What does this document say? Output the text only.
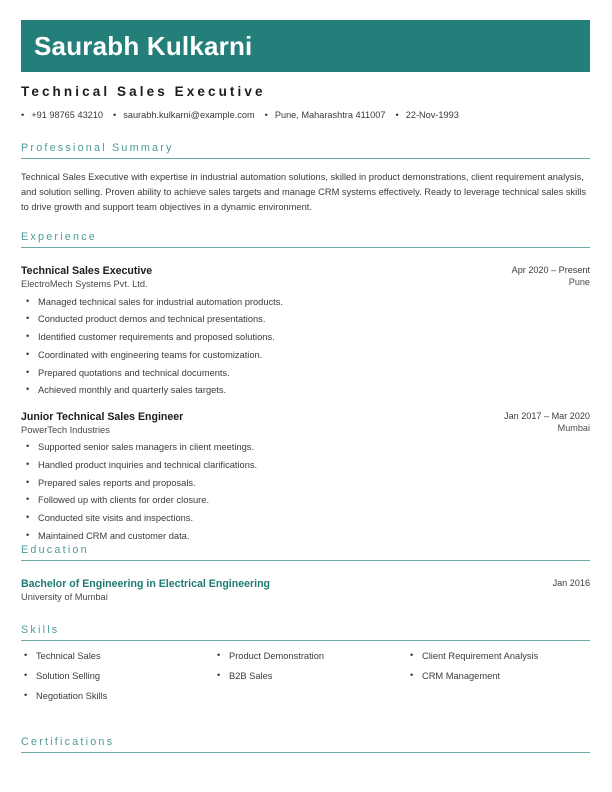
Saurabh Kulkarni
Technical Sales Executive
• +91 98765 43210	• saurabh.kulkarni@example.com	• Pune, Maharashtra 411007	• 22-Nov-1993
Professional Summary
Technical Sales Executive with expertise in industrial automation solutions, skilled in product demonstrations, client requirement analysis, and solution selling. Proven ability to achieve sales targets and manage CRM systems effectively. Ready to leverage technical sales skills to drive growth and support team objectives in a dynamic environment.
Experience
Technical Sales Executive
ElectroMech Systems Pvt. Ltd.
Apr 2020 – Present
Pune
• Managed technical sales for industrial automation products.
• Conducted product demos and technical presentations.
• Identified customer requirements and proposed solutions.
• Coordinated with engineering teams for customization.
• Prepared quotations and technical documents.
• Achieved monthly and quarterly sales targets.
Junior Technical Sales Engineer
PowerTech Industries
Jan 2017 – Mar 2020
Mumbai
• Supported senior sales managers in client meetings.
• Handled product inquiries and technical clarifications.
• Prepared sales reports and proposals.
• Followed up with clients for order closure.
• Conducted site visits and inspections.
• Maintained CRM and customer data.
Education
Bachelor of Engineering in Electrical Engineering
University of Mumbai
Jan 2016
Skills
• Technical Sales
• Solution Selling
• Negotiation Skills
• Product Demonstration
• B2B Sales
• Client Requirement Analysis
• CRM Management
Certifications
